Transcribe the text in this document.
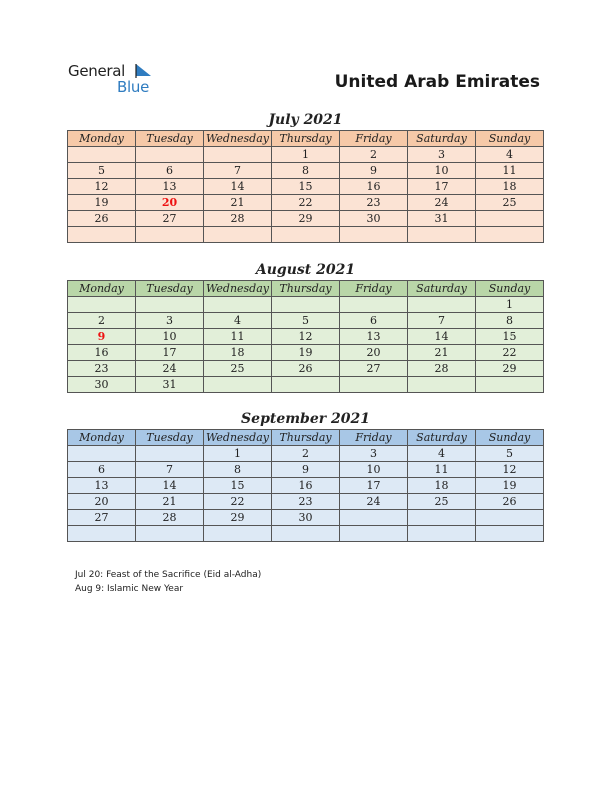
General
Blue	United Arab Emirates
July 2021
Monday	Tuesday	Wednesday	Thursday	Friday	Saturday	Sunday
			1	2	3	4
5	6	7	8	9	10	11
12	13	14	15	16	17	18
19	20	21	22	23	24	25
26	27	28	29	30	31	

August 2021
Monday	Tuesday	Wednesday	Thursday	Friday	Saturday	Sunday
						1
2	3	4	5	6	7	8
9	10	11	12	13	14	15
16	17	18	19	20	21	22
23	24	25	26	27	28	29
30	31					
September 2021
Monday	Tuesday	Wednesday	Thursday	Friday	Saturday	Sunday
		1	2	3	4	5
6	7	8	9	10	11	12
13	14	15	16	17	18	19
20	21	22	23	24	25	26
27	28	29	30			

Jul 20: Feast of the Sacrifice (Eid al-Adha)
Aug 9: Islamic New Year
